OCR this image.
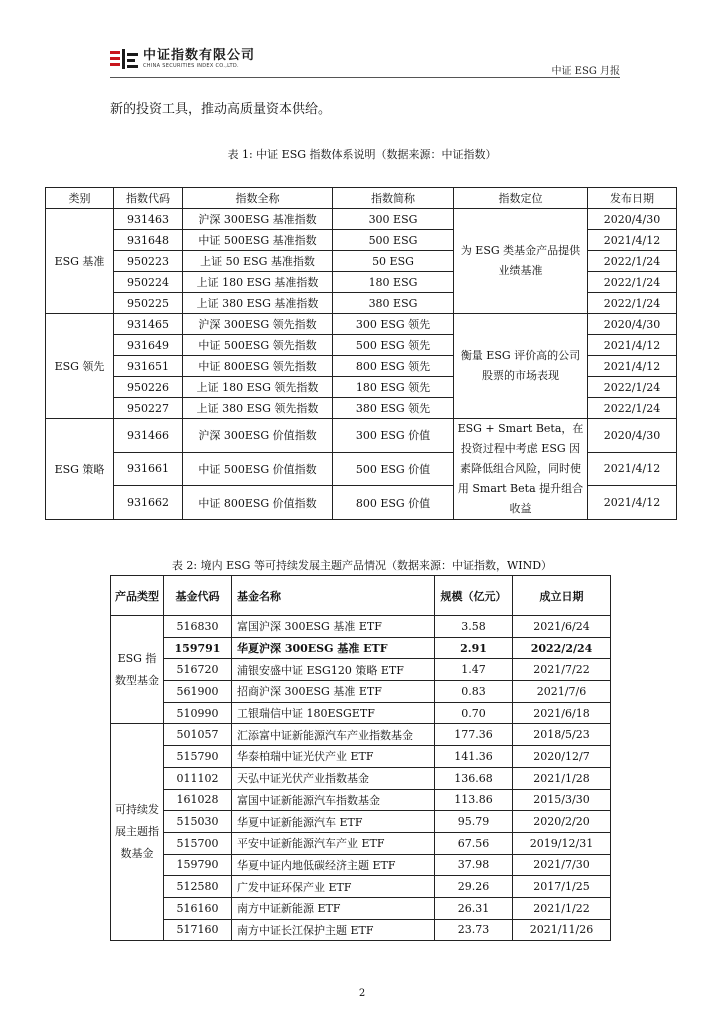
中证指数有限公司
CHINA SECURITIES INDEX CO.,LTD.	中证 ESG 月报
新的投资工具，推动高质量资本供给。
表 1: 中证 ESG 指数体系说明（数据来源：中证指数）
类别	指数代码	指数全称	指数简称	指数定位	发布日期
ESG 基准	931463	沪深 300ESG 基准指数	300 ESG	为 ESG 类基金产品提供业绩基准	2020/4/30
	931648	中证 500ESG 基准指数	500 ESG		2021/4/12
	950223	上证 50 ESG 基准指数	50 ESG		2022/1/24
	950224	上证 180 ESG 基准指数	180 ESG		2022/1/24
	950225	上证 380 ESG 基准指数	380 ESG		2022/1/24
ESG 领先	931465	沪深 300ESG 领先指数	300 ESG 领先	衡量 ESG 评价高的公司股票的市场表现	2020/4/30
	931649	中证 500ESG 领先指数	500 ESG 领先		2021/4/12
	931651	中证 800ESG 领先指数	800 ESG 领先		2021/4/12
	950226	上证 180 ESG 领先指数	180 ESG 领先		2022/1/24
	950227	上证 380 ESG 领先指数	380 ESG 领先		2022/1/24
ESG 策略	931466	沪深 300ESG 价值指数	300 ESG 价值	ESG + Smart Beta，在投资过程中考虑 ESG 因素降低组合风险，同时使用 Smart Beta 提升组合收益	2020/4/30
	931661	中证 500ESG 价值指数	500 ESG 价值		2021/4/12
	931662	中证 800ESG 价值指数	800 ESG 价值		2021/4/12
表 2: 境内 ESG 等可持续发展主题产品情况（数据来源：中证指数，WIND）
产品类型	基金代码	基金名称	规模（亿元）	成立日期
ESG 指数型基金	516830	富国沪深 300ESG 基准 ETF	3.58	2021/6/24
	159791	华夏沪深 300ESG 基准 ETF	2.91	2022/2/24
	516720	浦银安盛中证 ESG120 策略 ETF	1.47	2021/7/22
	561900	招商沪深 300ESG 基准 ETF	0.83	2021/7/6
	510990	工银瑞信中证 180ESGETF	0.70	2021/6/18
可持续发展主题指数基金	501057	汇添富中证新能源汽车产业指数基金	177.36	2018/5/23
	515790	华泰柏瑞中证光伏产业 ETF	141.36	2020/12/7
	011102	天弘中证光伏产业指数基金	136.68	2021/1/28
	161028	富国中证新能源汽车指数基金	113.86	2015/3/30
	515030	华夏中证新能源汽车 ETF	95.79	2020/2/20
	515700	平安中证新能源汽车产业 ETF	67.56	2019/12/31
	159790	华夏中证内地低碳经济主题 ETF	37.98	2021/7/30
	512580	广发中证环保产业 ETF	29.26	2017/1/25
	516160	南方中证新能源 ETF	26.31	2021/1/22
	517160	南方中证长江保护主题 ETF	23.73	2021/11/26
2
